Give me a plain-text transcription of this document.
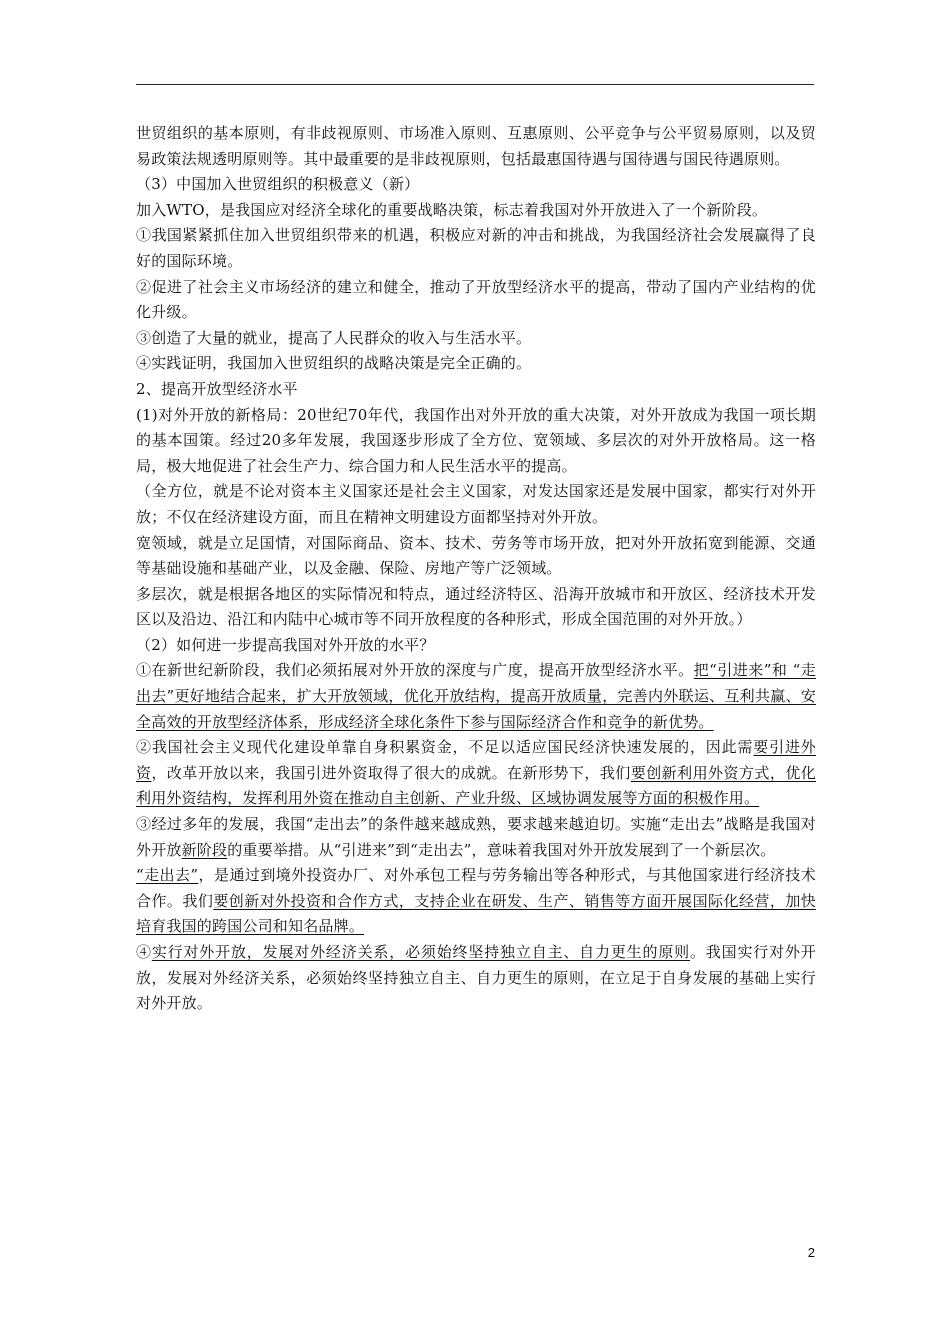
世贸组织的基本原则，有非歧视原则、市场准入原则、互惠原则、公平竞争与公平贸易原则，以及贸易政策法规透明原则等。其中最重要的是非歧视原则，包括最惠国待遇与国待遇与国民待遇原则。

（3）中国加入世贸组织的积极意义（新）

加入WTO，是我国应对经济全球化的重要战略决策，标志着我国对外开放进入了一个新阶段。

①我国紧紧抓住加入世贸组织带来的机遇，积极应对新的冲击和挑战，为我国经济社会发展赢得了良好的国际环境。

②促进了社会主义市场经济的建立和健全，推动了开放型经济水平的提高，带动了国内产业结构的优化升级。

③创造了大量的就业，提高了人民群众的收入与生活水平。

④实践证明，我国加入世贸组织的战略决策是完全正确的。

2、提高开放型经济水平

(1)对外开放的新格局：20世纪70年代，我国作出对外开放的重大决策，对外开放成为我国一项长期的基本国策。经过20多年发展，我国逐步形成了全方位、宽领域、多层次的对外开放格局。这一格局，极大地促进了社会生产力、综合国力和人民生活水平的提高。

（全方位，就是不论对资本主义国家还是社会主义国家，对发达国家还是发展中国家，都实行对外开放；不仅在经济建设方面，而且在精神文明建设方面都坚持对外开放。

宽领域，就是立足国情，对国际商品、资本、技术、劳务等市场开放，把对外开放拓宽到能源、交通等基础设施和基础产业，以及金融、保险、房地产等广泛领域。

多层次，就是根据各地区的实际情况和特点，通过经济特区、沿海开放城市和开放区、经济技术开发区以及沿边、沿江和内陆中心城市等不同开放程度的各种形式，形成全国范围的对外开放。）

（2）如何进一步提高我国对外开放的水平？

①在新世纪新阶段，我们必须拓展对外开放的深度与广度，提高开放型经济水平。把“引进来”和 “走出去”更好地结合起来，扩大开放领域，优化开放结构，提高开放质量，完善内外联运、互利共赢、安全高效的开放型经济体系，形成经济全球化条件下参与国际经济合作和竞争的新优势。

②我国社会主义现代化建设单靠自身积累资金，不足以适应国民经济快速发展的，因此需要引进外资，改革开放以来，我国引进外资取得了很大的成就。在新形势下，我们要创新利用外资方式，优化利用外资结构，发挥利用外资在推动自主创新、产业升级、区域协调发展等方面的积极作用。

③经过多年的发展，我国“走出去”的条件越来越成熟，要求越来越迫切。实施“走出去”战略是我国对外开放新阶段的重要举措。从“引进来”到“走出去”，意味着我国对外开放发展到了一个新层次。

“走出去”，是通过到境外投资办厂、对外承包工程与劳务输出等各种形式，与其他国家进行经济技术合作。我们要创新对外投资和合作方式，支持企业在研发、生产、销售等方面开展国际化经营，加快培育我国的跨国公司和知名品牌。

④实行对外开放，发展对外经济关系，必须始终坚持独立自主、自力更生的原则。我国实行对外开放，发展对外经济关系，必须始终坚持独立自主、自力更生的原则，在立足于自身发展的基础上实行对外开放。

2
